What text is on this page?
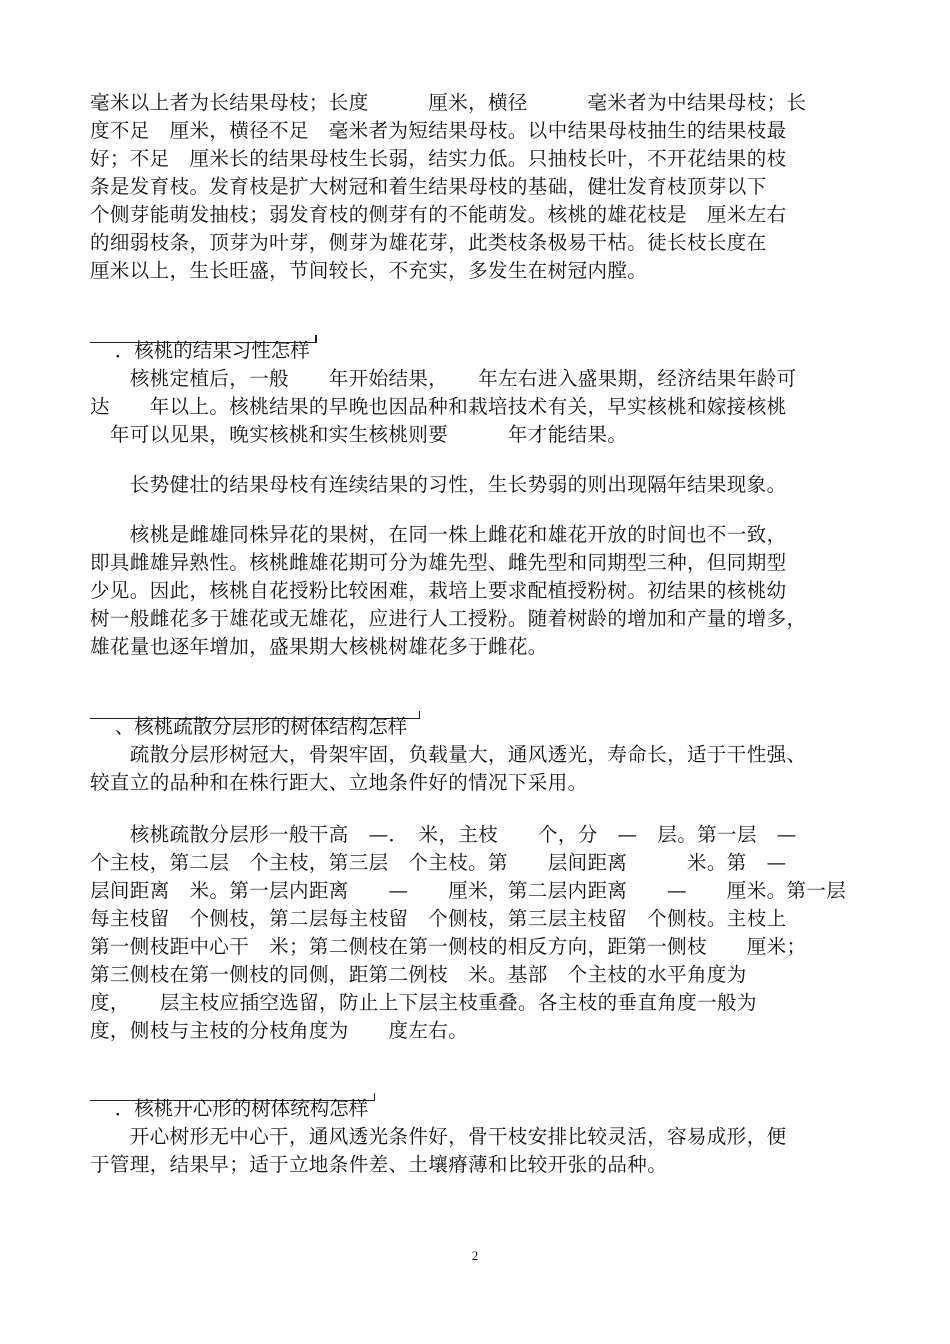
毫米以上者为长结果母枝；长度　　　厘米，横径　　　毫米者为中结果母枝；长
度不足　厘米，横径不足　毫米者为短结果母枝。以中结果母枝抽生的结果枝最
好；不足　厘米长的结果母枝生长弱，结实力低。只抽枝长叶，不开花结果的枝
条是发育枝。发育枝是扩大树冠和着生结果母枝的基础，健壮发育枝顶芽以下
个侧芽能萌发抽枝；弱发育枝的侧芽有的不能萌发。核桃的雄花枝是　厘米左右
的细弱枝条，顶芽为叶芽，侧芽为雄花芽，此类枝条极易干枯。徒长枝长度在
厘米以上，生长旺盛，节间较长，不充实，多发生在树冠内膛。

．核桃的结果习性怎样

　　核桃定植后，一般　　年开始结果，　　年左右进入盛果期，经济结果年龄可
达　　年以上。核桃结果的早晚也因品种和栽培技术有关，早实核桃和嫁接核桃
　年可以见果，晚实核桃和实生核桃则要　　　年才能结果。
　　长势健壮的结果母枝有连续结果的习性，生长势弱的则出现隔年结果现象。
　　核桃是雌雄同株异花的果树，在同一株上雌花和雄花开放的时间也不一致，
即具雌雄异熟性。核桃雌雄花期可分为雄先型、雌先型和同期型三种，但同期型
少见。因此，核桃自花授粉比较困难，栽培上要求配植授粉树。初结果的核桃幼
树一般雌花多于雄花或无雄花，应进行人工授粉。随着树龄的增加和产量的增多，
雄花量也逐年增加，盛果期大核桃树雄花多于雌花。

、核桃疏散分层形的树体结构怎样

　　疏散分层形树冠大，骨架牢固，负载量大，通风透光，寿命长，适于干性强、
较直立的品种和在株行距大、立地条件好的情况下采用。
　　核桃疏散分层形一般干高　—．　米，主枝　　个，分　—　层。第一层　—
个主枝，第二层　个主枝，第三层　个主枝。第　　层间距离　　　米。第　—
层间距离　米。第一层内距离　　—　　厘米，第二层内距离　　—　　厘米。第一层
每主枝留　个侧枝，第二层每主枝留　个侧枝，第三层主枝留　个侧枝。主枝上
第一侧枝距中心干　米；第二侧枝在第一侧枝的相反方向，距第一侧枝　　厘米；
第三侧枝在第一侧枝的同侧，距第二例枝　米。基部　个主枝的水平角度为
度，　　层主枝应插空选留，防止上下层主枝重叠。各主枝的垂直角度一般为
度，侧枝与主枝的分枝角度为　　度左右。

．核桃开心形的树体统构怎样

　　开心树形无中心干，通风透光条件好，骨干枝安排比较灵活，容易成形，便
于管理，结果早；适于立地条件差、土壤瘠薄和比较开张的品种。
2
